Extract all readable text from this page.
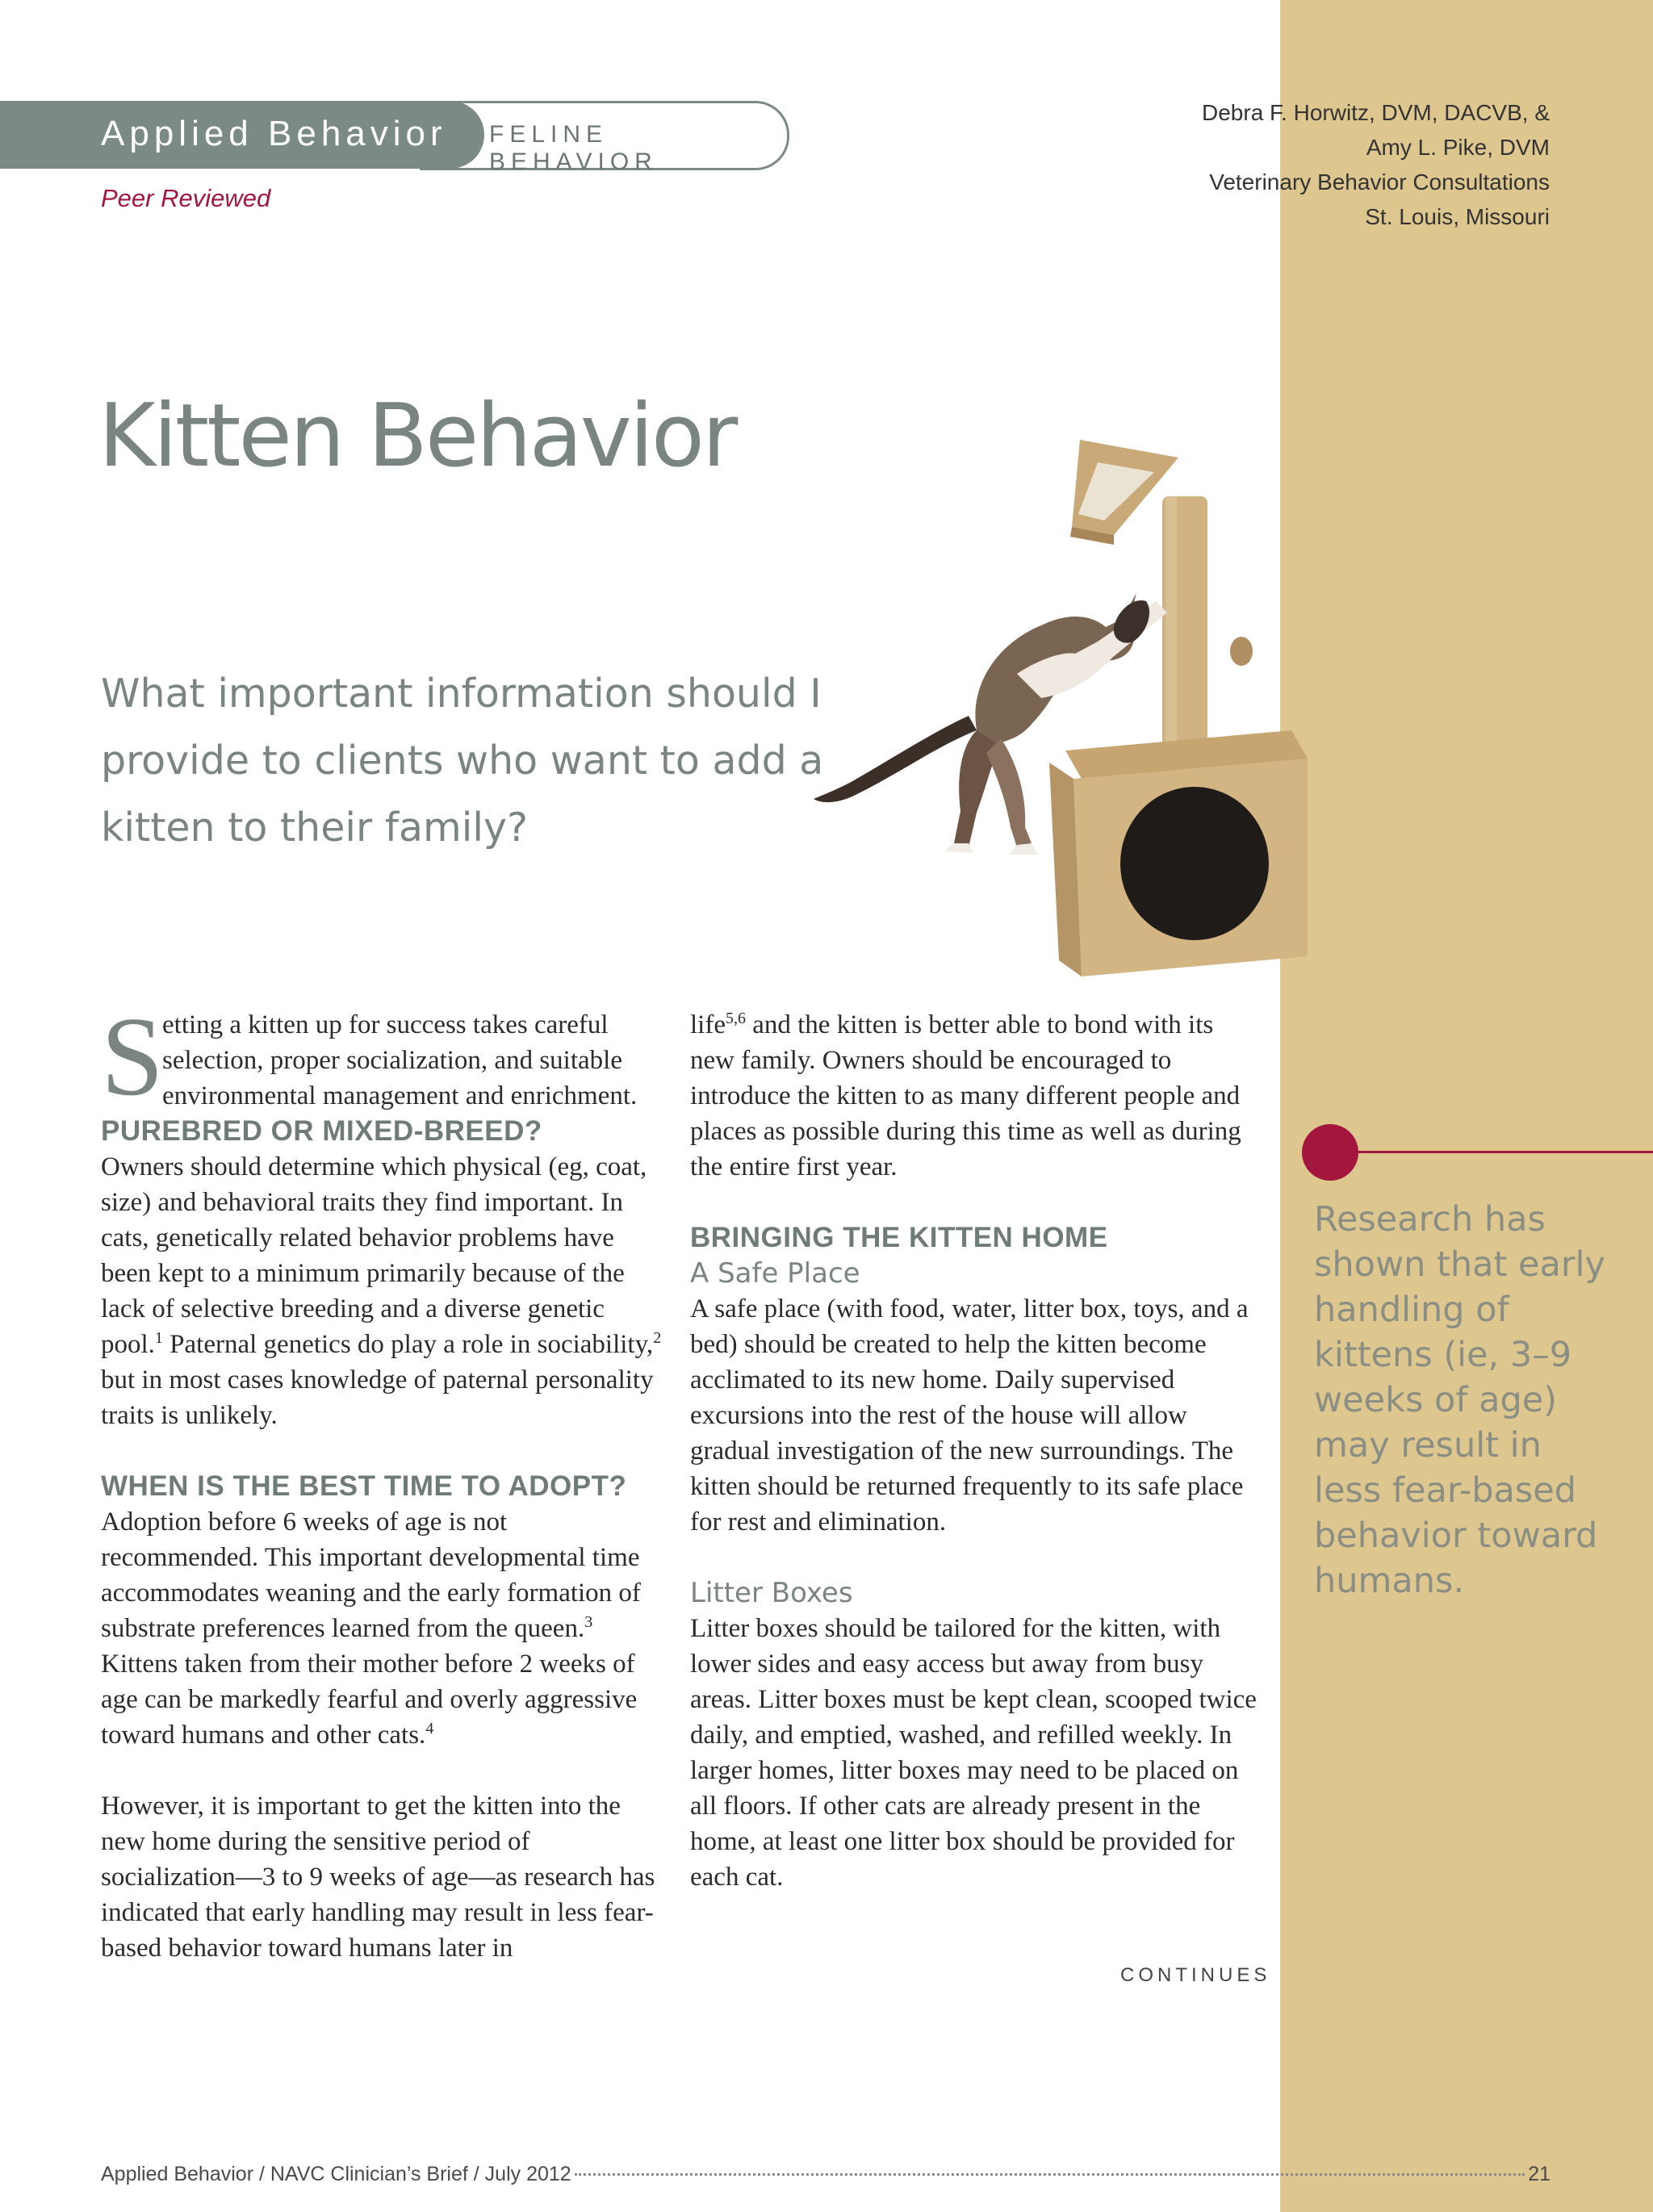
Applied Behavior FELINE BEHAVIOR
Peer Reviewed
Debra F. Horwitz, DVM, DACVB, &
Amy L. Pike, DVM
Veterinary Behavior Consultations
St. Louis, Missouri
Kitten Behavior
What important information should I provide to clients who want to add a kitten to their family?

S
etting a kitten up for success takes careful selection, proper socialization, and suitable environmental management and enrichment.

PUREBRED OR MIXED-BREED?

Owners should determine which physical (eg, coat, size) and behavioral traits they find important. In cats, genetically related behavior problems have been kept to a minimum primarily because of the lack of selective breeding and a diverse genetic pool.$^1$ Paternal genetics do play a role in sociability,$^2$ but in most cases knowledge of paternal personality traits is unlikely.

WHEN IS THE BEST TIME TO ADOPT?

Adoption before 6 weeks of age is not recommended. This important developmental time accommodates weaning and the early formation of substrate preferences learned from the queen.$^3$ Kittens taken from their mother before 2 weeks of age can be markedly fearful and overly aggressive toward humans and other cats.$^4$

However, it is important to get the kitten into the new home during the sensitive period of socialization—3 to 9 weeks of age—as research has indicated that early handling may result in less fear-based behavior toward humans later in

life$^{5,6}$ and the kitten is better able to bond with its new family. Owners should be encouraged to introduce the kitten to as many different people and places as possible during this time as well as during the entire first year.

BRINGING THE KITTEN HOME

A Safe Place

A safe place (with food, water, litter box, toys, and a bed) should be created to help the kitten become acclimated to its new home. Daily supervised excursions into the rest of the house will allow gradual investigation of the new surroundings. The kitten should be returned frequently to its safe place for rest and elimination.

Litter Boxes

Litter boxes should be tailored for the kitten, with lower sides and easy access but away from busy areas. Litter boxes must be kept clean, scooped twice daily, and emptied, washed, and refilled weekly. In larger homes, litter boxes may need to be placed on all floors. If other cats are already present in the home, at least one litter box should be provided for each cat.

CONTINUES
Research has shown that early handling of kittens (ie, 3–9 weeks of age) may result in less fear-based behavior toward humans.
Applied Behavior / NAVC Clinician’s Brief / July 2012	21
